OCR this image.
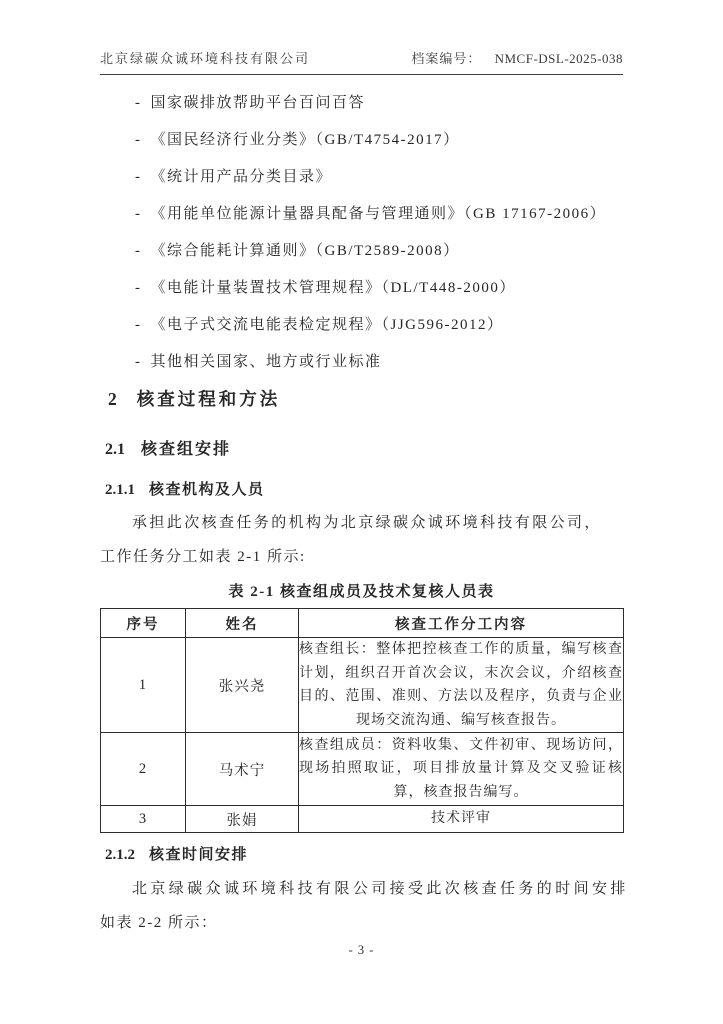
北京绿碳众诚环境科技有限公司	档案编号： NMCF-DSL-2025-038
- 国家碳排放帮助平台百问百答
- 《国民经济行业分类》（GB/T4754-2017）
- 《统计用产品分类目录》
- 《用能单位能源计量器具配备与管理通则》（GB 17167-2006）
- 《综合能耗计算通则》（GB/T2589-2008）
- 《电能计量装置技术管理规程》（DL/T448-2000）
- 《电子式交流电能表检定规程》（JJG596-2012）
- 其他相关国家、地方或行业标准
2 核查过程和方法
2.1 核查组安排
2.1.1 核查机构及人员
承担此次核查任务的机构为北京绿碳众诚环境科技有限公司，
工作任务分工如表 2-1 所示:
表 2-1 核查组成员及技术复核人员表
序号	姓名	核查工作分工内容
1	张兴尧	核查组长：整体把控核查工作的质量，编写核查计划，组织召开首次会议，末次会议，介绍核查目的、范围、准则、方法以及程序，负责与企业现场交流沟通、编写核查报告。
2	马术宁	核查组成员：资料收集、文件初审、现场访问，现场拍照取证，项目排放量计算及交叉验证核算，核查报告编写。
3	张娟	技术评审
2.1.2 核查时间安排
北京绿碳众诚环境科技有限公司接受此次核查任务的时间安排
如表 2-2 所示：
- 3 -
